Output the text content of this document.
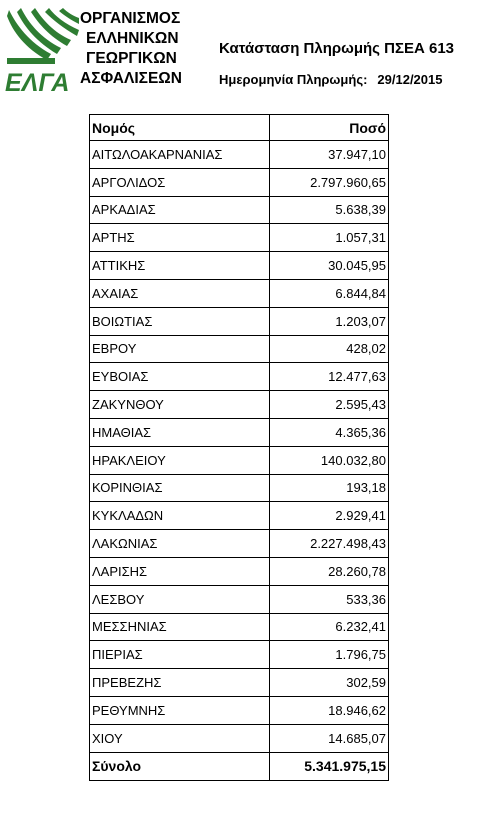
ΕΛΓΑ
ΟΡΓΑΝΙΣΜΟΣ
ΕΛΛΗΝΙΚΩΝ
ΓΕΩΡΓΙΚΩΝ
ΑΣΦΑΛΙΣΕΩΝ
Κατάσταση Πληρωμής ΠΣΕΑ 613
Ημερομηνία Πληρωμής: 29/12/2015
Νομός	Ποσό
ΑΙΤΩΛΟΑΚΑΡΝΑΝΙΑΣ	37.947,10
ΑΡΓΟΛΙΔΟΣ	2.797.960,65
ΑΡΚΑΔΙΑΣ	5.638,39
ΑΡΤΗΣ	1.057,31
ΑΤΤΙΚΗΣ	30.045,95
ΑΧΑΙΑΣ	6.844,84
ΒΟΙΩΤΙΑΣ	1.203,07
ΕΒΡΟΥ	428,02
ΕΥΒΟΙΑΣ	12.477,63
ΖΑΚΥΝΘΟΥ	2.595,43
ΗΜΑΘΙΑΣ	4.365,36
ΗΡΑΚΛΕΙΟΥ	140.032,80
ΚΟΡΙΝΘΙΑΣ	193,18
ΚΥΚΛΑΔΩΝ	2.929,41
ΛΑΚΩΝΙΑΣ	2.227.498,43
ΛΑΡΙΣΗΣ	28.260,78
ΛΕΣΒΟΥ	533,36
ΜΕΣΣΗΝΙΑΣ	6.232,41
ΠΙΕΡΙΑΣ	1.796,75
ΠΡΕΒΕΖΗΣ	302,59
ΡΕΘΥΜΝΗΣ	18.946,62
ΧΙΟΥ	14.685,07
Σύνολο	5.341.975,15
